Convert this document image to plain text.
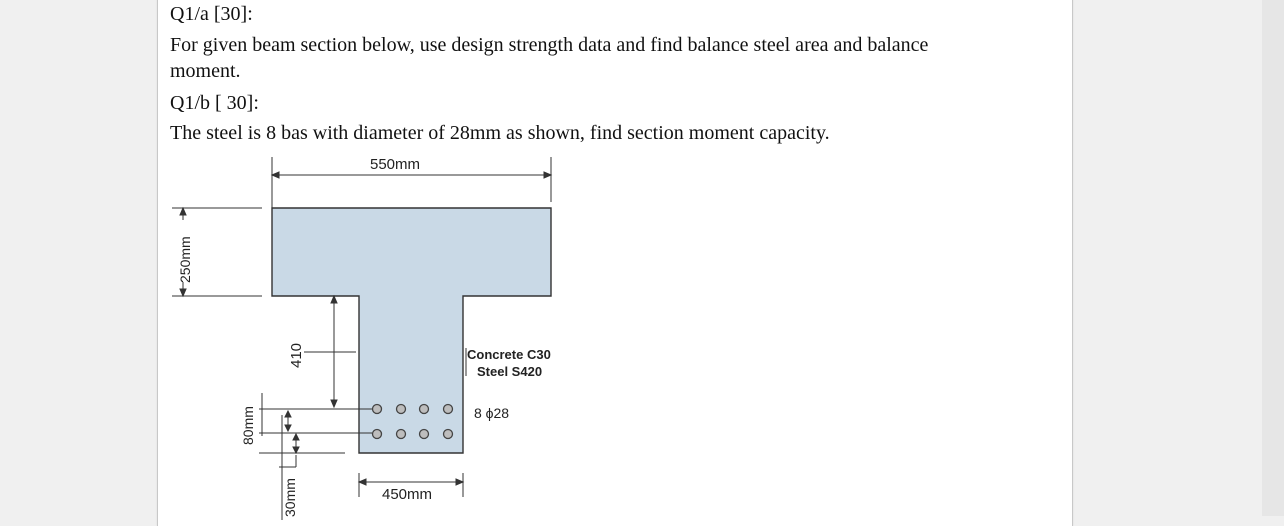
Q1/a [30]:
For given beam section below, use design strength data and find balance steel area and balance
moment.
Q1/b [ 30]:
The steel is 8 bas with diameter of 28mm as shown, find section moment capacity.
550mm
250mm
410
80mm
30mm
Concrete C30
Steel S420
8 ϕ28
450mm
